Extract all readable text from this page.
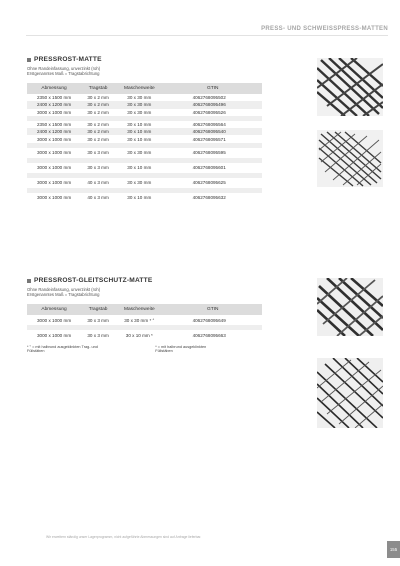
PRESS- UND SCHWEISSPRESS-MATTEN
PRESSROST-MATTE
Ohne Randeinfassung, unverzinkt (roh)
Erstgenanntes Maß = Tragstabrichtung
Abmessung	Tragstab	Maschenweite	GTIN
2350 x 1500 mm	30 x 2 mm	30 x 30 mm	4062768095502
2400 x 1200 mm	30 x 2 mm	30 x 30 mm	4062768095496
3000 x 1000 mm	30 x 2 mm	30 x 30 mm	4062768095526

2350 x 1500 mm	30 x 2 mm	30 x 10 mm	4062768095564
2400 x 1200 mm	30 x 2 mm	30 x 10 mm	4062768095540
3000 x 1000 mm	30 x 2 mm	30 x 10 mm	4062768095571

3000 x 1000 mm	30 x 3 mm	30 x 30 mm	4062768095595

3000 x 1000 mm	30 x 3 mm	30 x 10 mm	4062768095601

3000 x 1000 mm	40 x 3 mm	30 x 30 mm	4062768095625

3000 x 1000 mm	40 x 3 mm	30 x 10 mm	4062768095632
PRESSROST-GLEITSCHUTZ-MATTE
Ohne Randeinfassung, unverzinkt (roh)
Erstgenanntes Maß = Tragstabrichtung
Abmessung	Tragstab	Maschenweite	GTIN
3000 x 1000 mm	30 x 3 mm	30 x 30 mm * °	4062768095649

3000 x 1000 mm	30 x 3 mm	30 x 10 mm *	4062768095663
* ° = mit halbrund ausgeklinkten Trag- und Füllstäben
* = mit halbrund ausgeklinkten Füllstäben
Wir erweitern ständig unser Lagerprogramm, nicht aufgeführte Abmessungen sind auf Anfrage lieferbar.
155
